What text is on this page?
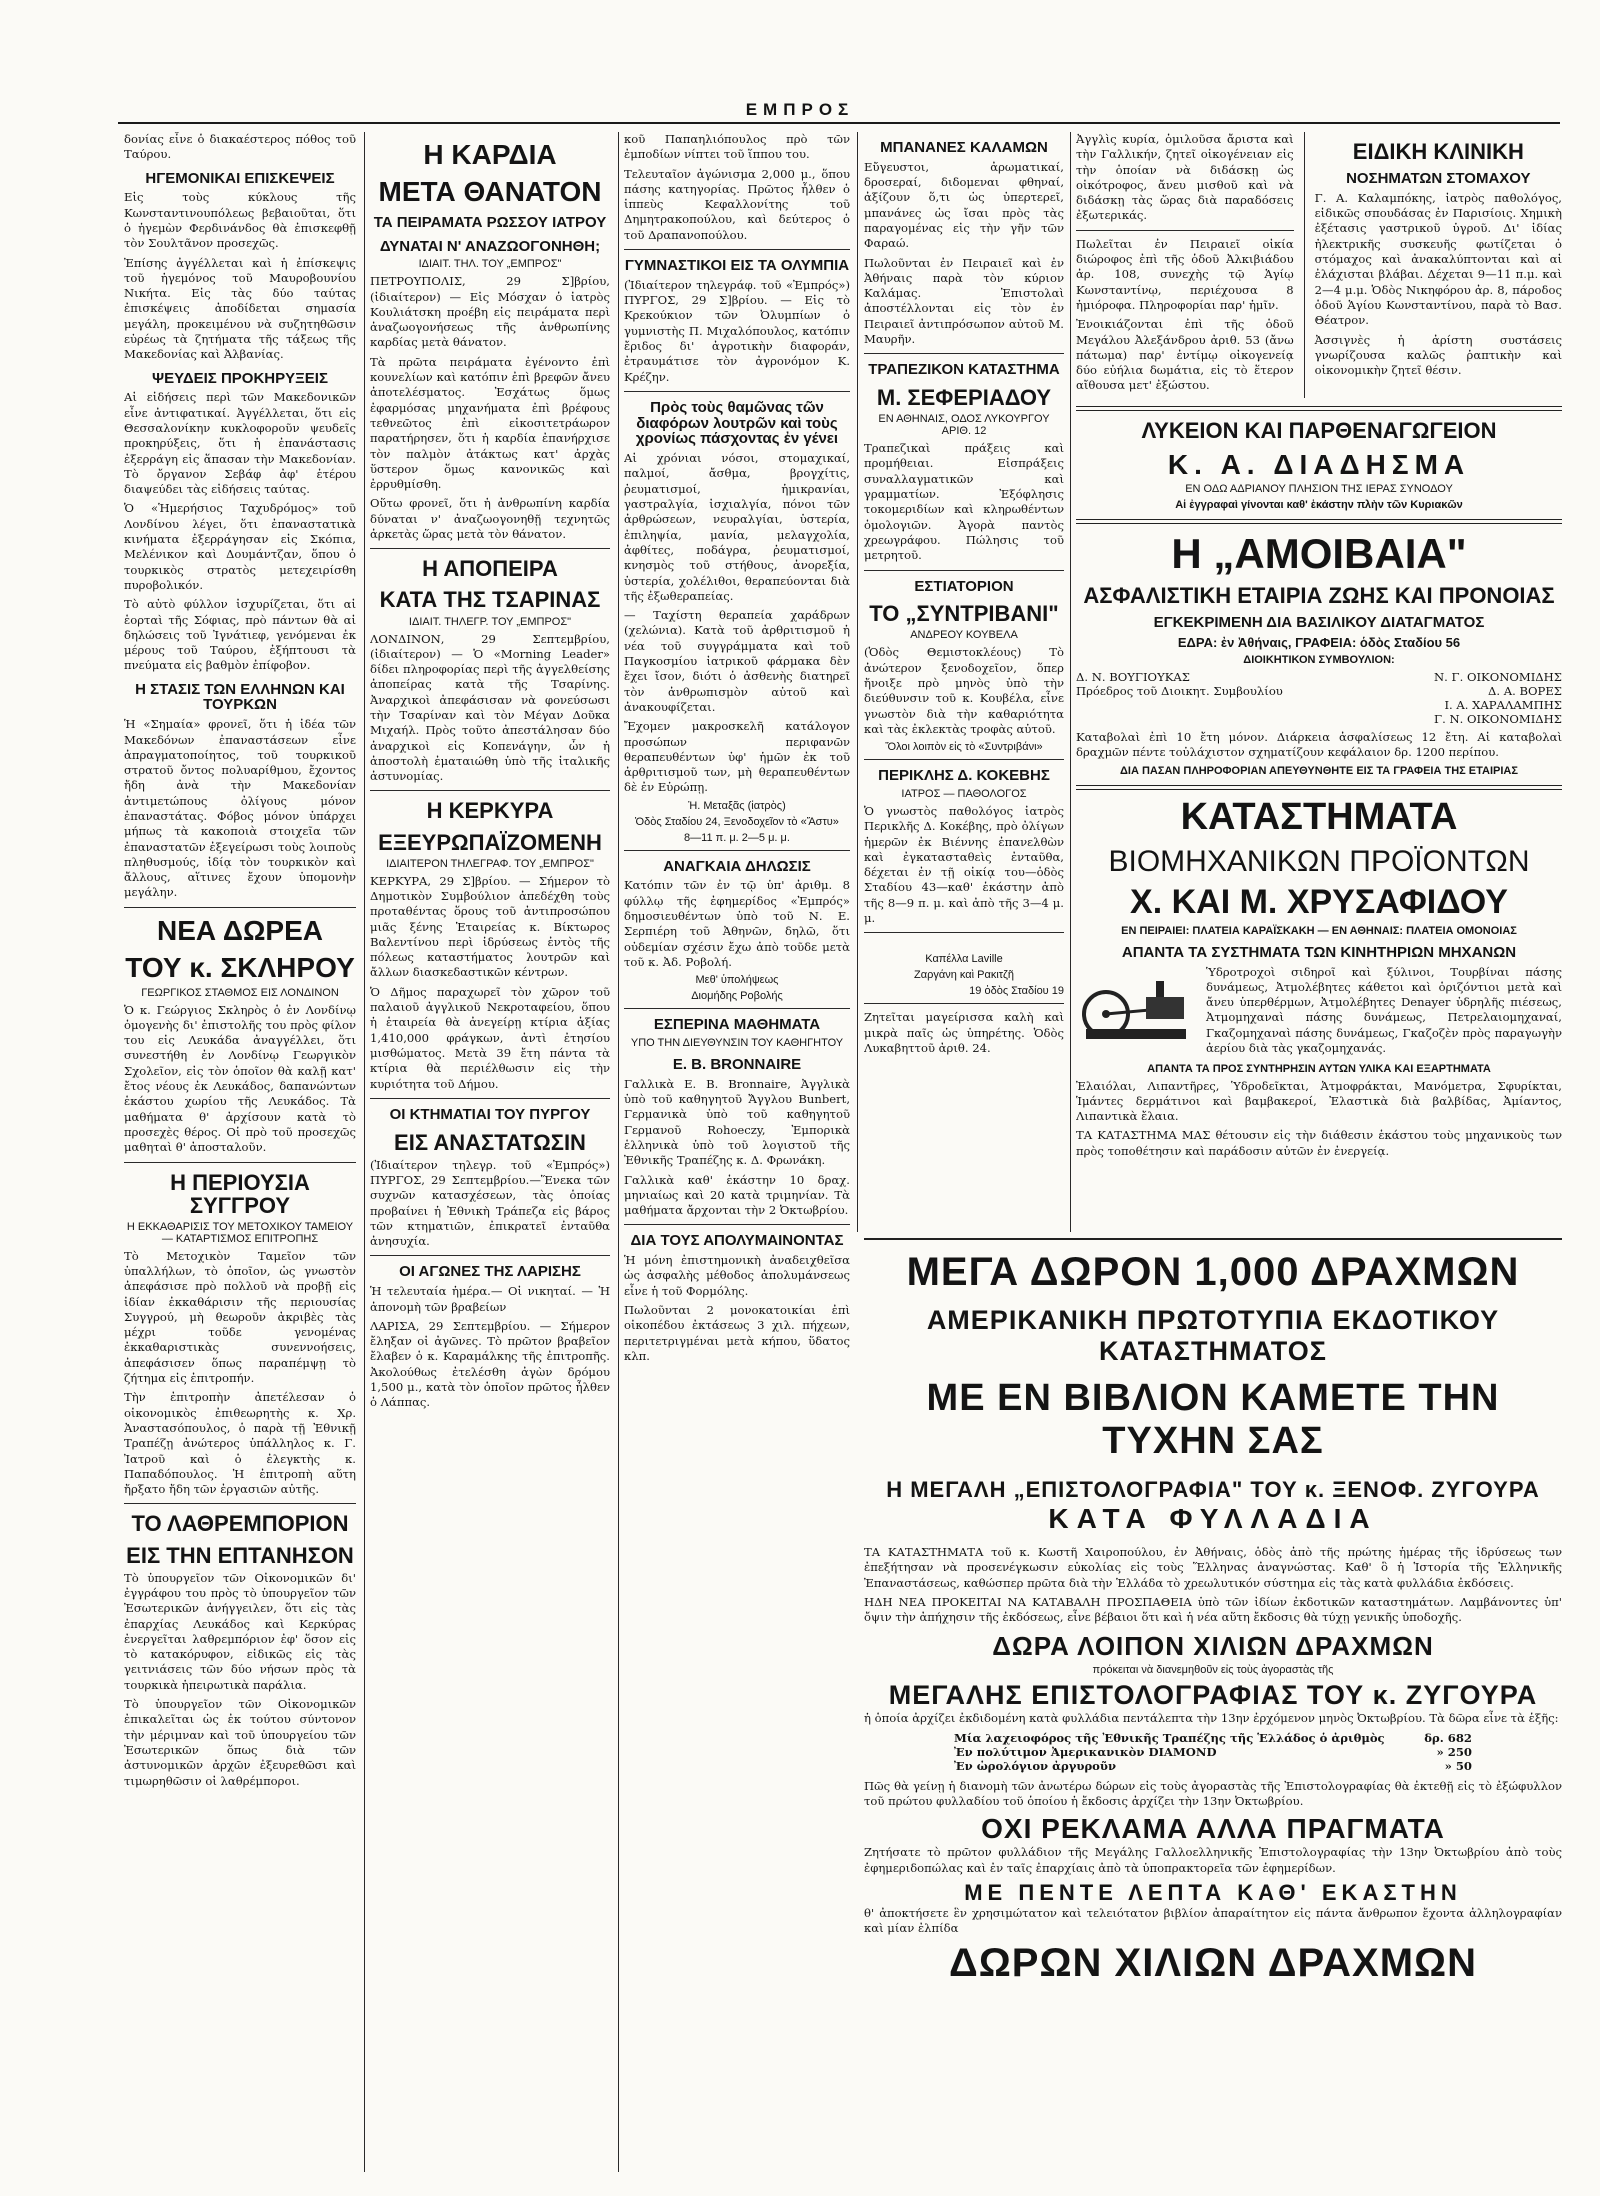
ΕΜΠΡΟΣ

δονίας εἶνε ὁ διακαέστερος πόθος τοῦ Ταύρου.

ΗΓΕΜΟΝΙΚΑΙ ΕΠΙΣΚΕΨΕΙΣ

Εἰς τοὺς κύκλους τῆς Κωνσταντινουπόλεως βεβαιοῦται, ὅτι ὁ ἡγεμὼν Φερδινάνδος θὰ ἐπισκεφθῇ τὸν Σουλτᾶνον προσεχῶς.

Ἐπίσης ἀγγέλλεται καὶ ἡ ἐπίσκεψις τοῦ ἡγεμόνος τοῦ Μαυροβουνίου Νικήτα. Εἰς τὰς δύο ταύτας ἐπισκέψεις ἀποδίδεται σημασία μεγάλη, προκειμένου νὰ συζητηθῶσιν εὐρέως τὰ ζητήματα τῆς τάξεως τῆς Μακεδονίας καὶ Ἀλβανίας.

ΨΕΥΔΕΙΣ ΠΡΟΚΗΡΥΞΕΙΣ

Αἱ εἰδήσεις περὶ τῶν Μακεδονικῶν εἶνε ἀντιφατικαί. Ἀγγέλλεται, ὅτι εἰς Θεσσαλονίκην κυκλοφοροῦν ψευδεῖς προκηρύξεις, ὅτι ἡ ἐπανάστασις ἐξερράγη εἰς ἅπασαν τὴν Μακεδονίαν. Τὸ ὄργανον Σεβάφ ἀφ' ἑτέρου διαψεύδει τὰς εἰδήσεις ταύτας.

Ὁ «Ἡμερήσιος Ταχυδρόμος» τοῦ Λονδίνου λέγει, ὅτι ἐπαναστατικὰ κινήματα ἐξερράγησαν εἰς Σκόπια, Μελένικον καὶ Δουμάντζαν, ὅπου ὁ τουρκικὸς στρατὸς μετεχειρίσθη πυροβολικόν.

Τὸ αὐτὸ φύλλον ἰσχυρίζεται, ὅτι αἱ ἑορταὶ τῆς Σόφιας, πρὸ πάντων θὰ αἱ δηλώσεις τοῦ Ἰγνάτιεφ, γενόμεναι ἐκ μέρους τοῦ Ταύρου, ἐξήπτουσι τὰ πνεύματα εἰς βαθμὸν ἐπίφοβον.

Η ΣΤΑΣΙΣ ΤΩΝ ΕΛΛΗΝΩΝ ΚΑΙ ΤΟΥΡΚΩΝ

Ἡ «Σημαία» φρονεῖ, ὅτι ἡ ἰδέα τῶν Μακεδόνων ἐπαναστάσεων εἶνε ἀπραγματοποίητος, τοῦ τουρκικοῦ στρατοῦ ὄντος πολυαρίθμου, ἔχοντος ἤδη ἀνὰ τὴν Μακεδονίαν ἀντιμετώπους ὀλίγους μόνον ἐπαναστάτας. Φόβος μόνον ὑπάρχει μήπως τὰ κακοποιὰ στοιχεῖα τῶν ἐπαναστατῶν ἐξεγείρωσι τοὺς λοιποὺς πληθυσμούς, ἰδίᾳ τὸν τουρκικὸν καὶ ἄλλους, αἵτινες ἔχουν ὑπομονὴν μεγάλην.

ΝΕΑ ΔΩΡΕΑ
ΤΟΥ κ. ΣΚΛΗΡΟΥ
ΓΕΩΡΓΙΚΟΣ ΣΤΑΘΜΟΣ ΕΙΣ ΛΟΝΔΙΝΟΝ

Ὁ κ. Γεώργιος Σκληρὸς ὁ ἐν Λονδίνῳ ὁμογενὴς δι' ἐπιστολῆς του πρὸς φίλον του εἰς Λευκάδα ἀναγγέλλει, ὅτι συνεστήθη ἐν Λονδίνῳ Γεωργικὸν Σχολεῖον, εἰς τὸν ὁποῖον θὰ καλῇ κατ' ἔτος νέους ἐκ Λευκάδος, δαπανώντων ἑκάστου χωρίου τῆς Λευκάδος. Τὰ μαθήματα θ' ἀρχίσουν κατὰ τὸ προσεχὲς θέρος. Οἱ πρὸ τοῦ προσεχῶς μαθηταὶ θ' ἀποσταλοῦν.

Η ΠΕΡΙΟΥΣΙΑ ΣΥΓΓΡΟΥ
Η ΕΚΚΑΘΑΡΙΣΙΣ ΤΟΥ ΜΕΤΟΧΙΚΟΥ ΤΑΜΕΙΟΥ — ΚΑΤΑΡΤΙΣΜΟΣ ΕΠΙΤΡΟΠΗΣ

Τὸ Μετοχικὸν Ταμεῖον τῶν ὑπαλλήλων, τὸ ὁποῖον, ὡς γνωστὸν ἀπεφάσισε πρὸ πολλοῦ νὰ προβῇ εἰς ἰδίαν ἐκκαθάρισιν τῆς περιουσίας Συγγρού, μὴ θεωροῦν ἀκριβὲς τὰς μέχρι τοῦδε γενομένας ἐκκαθαριστικὰς συνεννοήσεις, ἀπεφάσισεν ὅπως παραπέμψῃ τὸ ζήτημα εἰς ἐπιτροπήν.

Τὴν ἐπιτροπὴν ἀπετέλεσαν ὁ οἰκονομικὸς ἐπιθεωρητὴς κ. Χρ. Ἀναστασόπουλος, ὁ παρὰ τῇ Ἐθνικῇ Τραπέζῃ ἀνώτερος ὑπάλληλος κ. Γ. Ἰατροῦ καὶ ὁ ἐλεγκτὴς κ. Παπαδόπουλος. Ἡ ἐπιτροπὴ αὕτη ἤρξατο ἤδη τῶν ἐργασιῶν αὐτῆς.

ΤΟ ΛΑΘΡΕΜΠΟΡΙΟΝ
ΕΙΣ ΤΗΝ ΕΠΤΑΝΗΣΟΝ

Τὸ ὑπουργεῖον τῶν Οἰκονομικῶν δι' ἐγγράφου του πρὸς τὸ ὑπουργεῖον τῶν Ἐσωτερικῶν ἀνήγγειλεν, ὅτι εἰς τὰς ἐπαρχίας Λευκάδος καὶ Κερκύρας ἐνεργεῖται λαθρεμπόριον ἐφ' ὅσον εἰς τὸ κατακόρυφον, εἰδικῶς εἰς τὰς γειτνιάσεις τῶν δύο νήσων πρὸς τὰ τουρκικὰ ἡπειρωτικὰ παράλια.

Τὸ ὑπουργεῖον τῶν Οἰκονομικῶν ἐπικαλεῖται ὡς ἐκ τούτου σύντονον τὴν μέριμναν καὶ τοῦ ὑπουργείου τῶν Ἐσωτερικῶν ὅπως διὰ τῶν ἀστυνομικῶν ἀρχῶν ἐξευρεθῶσι καὶ τιμωρηθῶσιν οἱ λαθρέμποροι.

Η ΚΑΡΔΙΑ
ΜΕΤΑ ΘΑΝΑΤΟΝ
ΤΑ ΠΕΙΡΑΜΑΤΑ ΡΩΣΣΟΥ ΙΑΤΡΟΥ
ΔΥΝΑΤΑΙ Ν' ΑΝΑΖΩΟΓΟΝΗΘΗ;
ΙΔΙΑΙΤ. ΤΗΛ. ΤΟΥ „ΕΜΠΡΟΣ"

ΠΕΤΡΟΥΠΟΛΙΣ, 29 Σ]βρίου, (ἰδιαίτερον) — Εἰς Μόσχαν ὁ ἰατρὸς Κουλιάτσκη προέβη εἰς πειράματα περὶ ἀναζωογονήσεως τῆς ἀνθρωπίνης καρδίας μετὰ θάνατον.

Τὰ πρῶτα πειράματα ἐγένοντο ἐπὶ κουνελίων καὶ κατόπιν ἐπὶ βρεφῶν ἄνευ ἀποτελέσματος. Ἐσχάτως ὅμως ἐφαρμόσας μηχανήματα ἐπὶ βρέφους τεθνεῶτος ἐπὶ εἰκοσιτετράωρον παρατήρησεν, ὅτι ἡ καρδία ἐπανήρχισε τὸν παλμὸν ἀτάκτως κατ' ἀρχὰς ὕστερον ὅμως κανονικῶς καὶ ἐρρυθμίσθη.

Οὕτω φρονεῖ, ὅτι ἡ ἀνθρωπίνη καρδία δύναται ν' ἀναζωογονηθῇ τεχνητῶς ἀρκετὰς ὥρας μετὰ τὸν θάνατον.

Η ΑΠΟΠΕΙΡΑ
ΚΑΤΑ ΤΗΣ ΤΣΑΡΙΝΑΣ
ΙΔΙΑΙΤ. ΤΗΛΕΓΡ. ΤΟΥ „ΕΜΠΡΟΣ"

ΛΟΝΔΙΝΟΝ, 29 Σεπτεμβρίου, (ἰδιαίτερον) — Ὁ «Morning Leader» δίδει πληροφορίας περὶ τῆς ἀγγελθείσης ἀποπείρας κατὰ τῆς Τσαρίνης. Ἀναρχικοὶ ἀπεφάσισαν νὰ φονεύσωσι τὴν Τσαρίναν καὶ τὸν Μέγαν Δοῦκα Μιχαήλ. Πρὸς τοῦτο ἀπεστάλησαν δύο ἀναρχικοὶ εἰς Κοπενάγην, ὧν ἡ ἀποστολὴ ἐματαιώθη ὑπὸ τῆς ἰταλικῆς ἀστυνομίας.

Η ΚΕΡΚΥΡΑ
ΕΞΕΥΡΩΠΑΪΖΟΜΕΝΗ
ΙΔΙΑΙΤΕΡΟΝ ΤΗΛΕΓΡΑΦ. ΤΟΥ „ΕΜΠΡΟΣ"

ΚΕΡΚΥΡΑ, 29 Σ]βρίου. — Σήμερον τὸ Δημοτικὸν Συμβούλιον ἀπεδέχθη τοὺς προταθέντας ὅρους τοῦ ἀντιπροσώπου μιᾶς ξένης Ἑταιρείας κ. Βίκτωρος Βαλεντίνου περὶ ἱδρύσεως ἐντὸς τῆς πόλεως καταστήματος λουτρῶν καὶ ἄλλων διασκεδαστικῶν κέντρων.

Ὁ Δῆμος παραχωρεῖ τὸν χῶρον τοῦ παλαιοῦ ἀγγλικοῦ Νεκροταφείου, ὅπου ἡ ἑταιρεία θὰ ἀνεγείρῃ κτίρια ἀξίας 1,410,000 φράγκων, ἀντὶ ἐτησίου μισθώματος. Μετὰ 39 ἔτη πάντα τὰ κτίρια θὰ περιέλθωσιν εἰς τὴν κυριότητα τοῦ Δήμου.

ΟΙ ΚΤΗΜΑΤΙΑΙ ΤΟΥ ΠΥΡΓΟΥ
ΕΙΣ ΑΝΑΣΤΑΤΩΣΙΝ

(Ἰδιαίτερον τηλεγρ. τοῦ «Ἐμπρός») ΠΥΡΓΟΣ, 29 Σεπτεμβρίου.—Ἕνεκα τῶν συχνῶν κατασχέσεων, τὰς ὁποίας προβαίνει ἡ Ἐθνικὴ Τράπεζα εἰς βάρος τῶν κτηματιῶν, ἐπικρατεῖ ἐνταῦθα ἀνησυχία.

ΟΙ ΑΓΩΝΕΣ ΤΗΣ ΛΑΡΙΣΗΣ

Ἡ τελευταία ἡμέρα.— Οἱ νικηταί. — Ἡ ἀπονομὴ τῶν βραβείων

ΛΑΡΙΣΑ, 29 Σεπτεμβρίου. — Σήμερον ἔληξαν οἱ ἀγῶνες. Τὸ πρῶτον βραβεῖον ἔλαβεν ὁ κ. Καραμάλκης τῆς ἐπιτροπῆς. Ἀκολούθως ἐτελέσθη ἀγὼν δρόμου 1,500 μ., κατὰ τὸν ὁποῖον πρῶτος ἦλθεν ὁ Λάππας.

κοῦ Παπαηλιόπουλος πρὸ τῶν ἐμποδίων νίπτει τοῦ ἵππου του.

Τελευταῖον ἀγώνισμα 2,000 μ., ὅπου πάσης κατηγορίας. Πρῶτος ἦλθεν ὁ ἱππεὺς Κεφαλλονίτης τοῦ Δημητρακοπούλου, καὶ δεύτερος ὁ τοῦ Δραπανοπούλου.

ΓΥΜΝΑΣΤΙΚΟΙ ΕΙΣ ΤΑ ΟΛΥΜΠΙΑ

(Ἰδιαίτερον τηλεγράφ. τοῦ «Ἐμπρός») ΠΥΡΓΟΣ, 29 Σ]βρίου. — Εἰς τὸ Κρεκούκιον τῶν Ὀλυμπίων ὁ γυμνιστὴς Π. Μιχαλόπουλος, κατόπιν ἔριδος δι' ἀγροτικὴν διαφοράν, ἐτραυμάτισε τὸν ἀγρονόμον Κ. Κρέζην.

Πρὸς τοὺς θαμῶνας τῶν διαφόρων λουτρῶν καὶ τοὺς χρονίως πάσχοντας ἐν γένει

Αἱ χρόνιαι νόσοι, στομαχικαί, παλμοί, ἄσθμα, βρογχίτις, ῥευματισμοί, ἡμικρανίαι, γαστραλγία, ἰσχιαλγία, πόνοι τῶν ἀρθρώσεων, νευραλγίαι, ὑστερία, ἐπιληψία, μανία, μελαγχολία, ἀφθίτες, ποδάγρα, ῥευματισμοί, κνησμὸς τοῦ στήθους, ἀνορεξία, ὑστερία, χολέλιθοι, θεραπεύονται διὰ τῆς ἐξωθεραπείας.

— Ταχίστη θεραπεία χαράδρων (χελώνια). Κατὰ τοῦ ἀρθριτισμοῦ ἡ νέα τοῦ συγγράμματα καὶ τοῦ Παγκοσμίου ἰατρικοῦ φάρμακα δὲν ἔχει ἴσον, διότι ὁ ἀσθενὴς διατηρεῖ τὸν ἀνθρωπισμὸν αὐτοῦ καὶ ἀνακουφίζεται.

Ἔχομεν μακροσκελῆ κατάλογον προσώπων περιφανῶν θεραπευθέντων ὑφ' ἡμῶν ἐκ τοῦ ἀρθριτισμοῦ των, μὴ θεραπευθέντων δὲ ἐν Εὐρώπῃ.

Ἡ. Μεταξᾶς (ἰατρὸς)
Ὁδὸς Σταδίου 24, Ξενοδοχεῖον τὸ «Ἄστυ»
8—11 π. μ. 2—5 μ. μ.
ΑΝΑΓΚΑΙΑ ΔΗΛΩΣΙΣ

Κατόπιν τῶν ἐν τῷ ὑπ' ἀριθμ. 8 φύλλῳ τῆς ἐφημερίδος «Ἐμπρός» δημοσιευθέντων ὑπὸ τοῦ Ν. Ε. Σερπιέρη τοῦ Ἀθηνῶν, δηλῶ, ὅτι οὐδεμίαν σχέσιν ἔχω ἀπὸ τοῦδε μετὰ τοῦ κ. Ἀδ. Ροβολή.

Μεθ' ὑπολήψεως
Διομήδης Ροβολής
ΕΣΠΕΡΙΝΑ ΜΑΘΗΜΑΤΑ
ΥΠΟ ΤΗΝ ΔΙΕΥΘΥΝΣΙΝ ΤΟΥ ΚΑΘΗΓΗΤΟΥ
Ε. Β. BRONNAIRE

Γαλλικὰ Ε. Β. Bronnaire, Ἀγγλικὰ ὑπὸ τοῦ καθηγητοῦ Ἄγγλου Bunbert, Γερμανικὰ ὑπὸ τοῦ καθηγητοῦ Γερμανοῦ Rohoeczy, Ἐμπορικὰ ἑλληνικὰ ὑπὸ τοῦ λογιστοῦ τῆς Ἐθνικῆς Τραπέζης κ. Δ. Φρωνάκη.

Γαλλικὰ καθ' ἑκάστην 10 δραχ. μηνιαίως καὶ 20 κατὰ τριμηνίαν. Τὰ μαθήματα ἄρχονται τὴν 2 Ὀκτωβρίου.

ΔΙΑ ΤΟΥΣ ΑΠΟΛΥΜΑΙΝΟΝΤΑΣ

Ἡ μόνη ἐπιστημονικὴ ἀναδειχθεῖσα ὡς ἀσφαλὴς μέθοδος ἀπολυμάνσεως εἶνε ἡ τοῦ Φορμόλης.

Πωλοῦνται 2 μονοκατοικίαι ἐπὶ οἰκοπέδου ἐκτάσεως 3 χιλ. πήχεων, περιτετριγμέναι μετὰ κήπου, ὕδατος κλπ.

ΜΠΑΝΑΝΕΣ ΚΑΛΑΜΩΝ

Εὔγευστοι, ἀρωματικαί, δροσεραί, διδομεναι φθηναί, ἀξίζουν ὅ,τι ὡς ὑπερτερεῖ, μπανάνες ὡς ἴσαι πρὸς τὰς παραγομένας εἰς τὴν γῆν τῶν Φαραώ.

Πωλοῦνται ἐν Πειραιεῖ καὶ ἐν Ἀθήναις παρὰ τὸν κύριον Καλάμας. Ἐπιστολαὶ ἀποστέλλονται εἰς τὸν ἐν Πειραιεῖ ἀντιπρόσωπον αὐτοῦ Μ. Μαυρῆν.

ΤΡΑΠΕΖΙΚΟΝ ΚΑΤΑΣΤΗΜΑ
Μ. ΣΕΦΕΡΙΑΔΟΥ
ΕΝ ΑΘΗΝΑΙΣ, ΟΔΟΣ ΛΥΚΟΥΡΓΟΥ ΑΡΙΘ. 12

Τραπεζικαὶ πράξεις καὶ προμήθειαι. Εἰσπράξεις συναλλαγματικῶν καὶ γραμματίων. Ἐξόφλησις τοκομεριδίων καὶ κληρωθέντων ὁμολογιῶν. Ἀγορὰ παντὸς χρεωγράφου. Πώλησις τοῦ μετρητοῦ.

ΕΣΤΙΑΤΟΡΙΟΝ
ΤΟ „ΣΥΝΤΡΙΒΑΝΙ"
ΑΝΔΡΕΟΥ ΚΟΥΒΕΛΑ

(Ὁδὸς Θεμιστοκλέους) Τὸ ἀνώτερον ξενοδοχεῖον, ὅπερ ἤνοιξε πρὸ μηνὸς ὑπὸ τὴν διεύθυνσιν τοῦ κ. Κουβέλα, εἶνε γνωστὸν διὰ τὴν καθαριότητα καὶ τὰς ἐκλεκτὰς τροφὰς αὐτοῦ.

Ὅλοι λοιπὸν εἰς τὸ «Συντριβάνι»
ΠΕΡΙΚΛΗΣ Δ. ΚΟΚΕΒΗΣ
ΙΑΤΡΟΣ — ΠΑΘΟΛΟΓΟΣ

Ὁ γνωστὸς παθολόγος ἰατρὸς Περικλῆς Δ. Κοκέβης, πρὸ ὀλίγων ἡμερῶν ἐκ Βιέννης ἐπανελθὼν καὶ ἐγκατασταθεὶς ἐνταῦθα, δέχεται ἐν τῇ οἰκίᾳ του—ὁδὸς Σταδίου 43—καθ' ἑκάστην ἀπὸ τῆς 8—9 π. μ. καὶ ἀπὸ τῆς 3—4 μ. μ.

Καπέλλα Laville
Ζαργάνη καὶ Ρακιτζῆ
19 ὁδὸς Σταδίου 19

Ζητεῖται μαγείρισσα καλὴ καὶ μικρὰ παῖς ὡς ὑπηρέτης. Ὁδὸς Λυκαβηττοῦ ἀριθ. 24.

Ἀγγλὶς κυρία, ὁμιλοῦσα ἄριστα καὶ τὴν Γαλλικήν, ζητεῖ οἰκογένειαν εἰς τὴν ὁποίαν νὰ διδάσκῃ ὡς οἰκότροφος, ἄνευ μισθοῦ καὶ νὰ διδάσκῃ τὰς ὥρας διὰ παραδόσεις ἐξωτερικάς.

Πωλεῖται ἐν Πειραιεῖ οἰκία διώροφος ἐπὶ τῆς ὁδοῦ Ἀλκιβιάδου ἀρ. 108, συνεχὴς τῷ Ἁγίῳ Κωνσταντίνῳ, περιέχουσα 8 ἡμιόροφα. Πληροφορίαι παρ' ἡμῖν.

Ἐνοικιάζονται ἐπὶ τῆς ὁδοῦ Μεγάλου Ἀλεξάνδρου ἀριθ. 53 (ἄνω πάτωμα) παρ' ἐντίμῳ οἰκογενείᾳ δύο εὐήλια δωμάτια, εἰς τὸ ἕτερον αἴθουσα μετ' ἐξώστου.

ΕΙΔΙΚΗ ΚΛΙΝΙΚΗ
ΝΟΣΗΜΑΤΩΝ ΣΤΟΜΑΧΟΥ

Γ. Α. Καλαμπόκης, ἰατρὸς παθολόγος, εἰδικῶς σπουδάσας ἐν Παρισίοις. Χημικὴ ἐξέτασις γαστρικοῦ ὑγροῦ. Δι' ἰδίας ἠλεκτρικῆς συσκευῆς φωτίζεται ὁ στόμαχος καὶ ἀνακαλύπτονται καὶ αἱ ἐλάχισται βλάβαι. Δέχεται 9—11 π.μ. καὶ 2—4 μ.μ. Ὁδὸς Νικηφόρου ἀρ. 8, πάροδος ὁδοῦ Ἁγίου Κωνσταντίνου, παρὰ τὸ Βασ. Θέατρον.

Ἀσσιγνὲς ἡ ἀρίστη συστάσεις γνωρίζουσα καλῶς ῥαπτικὴν καὶ οἰκονομικὴν ζητεῖ θέσιν.

ΛΥΚΕΙΟΝ ΚΑΙ ΠΑΡΘΕΝΑΓΩΓΕΙΟΝ
Κ. Α. ΔΙΑΔΗΣΜΑ
ΕΝ ΟΔΩ ΑΔΡΙΑΝΟΥ ΠΛΗΣΙΟΝ ΤΗΣ ΙΕΡΑΣ ΣΥΝΟΔΟΥ
Αἱ ἐγγραφαὶ γίνονται καθ' ἑκάστην πλὴν τῶν Κυριακῶν
Η „ΑΜΟΙΒΑΙΑ"
ΑΣΦΑΛΙΣΤΙΚΗ ΕΤΑΙΡΙΑ ΖΩΗΣ ΚΑΙ ΠΡΟΝΟΙΑΣ
ΕΓΚΕΚΡΙΜΕΝΗ ΔΙΑ ΒΑΣΙΛΙΚΟΥ ΔΙΑΤΑΓΜΑΤΟΣ
ΕΔΡΑ: ἐν Ἀθήναις, ΓΡΑΦΕΙΑ: ὁδὸς Σταδίου 56
ΔΙΟΙΚΗΤΙΚΟΝ ΣΥΜΒΟΥΛΙΟΝ:
Δ. Ν. ΒΟΥΓΙΟΥΚΑΣ	Ν. Γ. ΟΙΚΟΝΟΜΙΔΗΣ
Πρόεδρος τοῦ Διοικητ. Συμβουλίου	Δ. Α. ΒΟΡΕΣ
Ι. Α. ΧΑΡΑΛΑΜΠΗΣ
Γ. Ν. ΟΙΚΟΝΟΜΙΔΗΣ

Καταβολαὶ ἐπὶ 10 ἔτη μόνον. Διάρκεια ἀσφαλίσεως 12 ἔτη. Αἱ καταβολαὶ δραχμῶν πέντε τοὐλάχιστον σχηματίζουν κεφάλαιον δρ. 1200 περίπου.

ΔΙΑ ΠΑΣΑΝ ΠΛΗΡΟΦΟΡΙΑΝ ΑΠΕΥΘΥΝΘΗΤΕ ΕΙΣ ΤΑ ΓΡΑΦΕΙΑ ΤΗΣ ΕΤΑΙΡΙΑΣ
ΚΑΤΑΣΤΗΜΑΤΑ
ΒΙΟΜΗΧΑΝΙΚΩΝ ΠΡΟΪΟΝΤΩΝ
Χ. ΚΑΙ Μ. ΧΡΥΣΑΦΙΔΟΥ
ΕΝ ΠΕΙΡΑΙΕΙ: ΠΛΑΤΕΙΑ ΚΑΡΑΪΣΚΑΚΗ — ΕΝ ΑΘΗΝΑΙΣ: ΠΛΑΤΕΙΑ ΟΜΟΝΟΙΑΣ
ΑΠΑΝΤΑ ΤΑ ΣΥΣΤΗΜΑΤΑ ΤΩΝ ΚΙΝΗΤΗΡΙΩΝ ΜΗΧΑΝΩΝ

Ὑδροτροχοὶ σιδηροῖ καὶ ξύλινοι, Τουρβίναι πάσης δυνάμεως, Ἀτμολέβητες κάθετοι καὶ ὁριζόντιοι μετὰ καὶ ἄνευ ὑπερθέρμων, Ἀτμολέβητες Denayer ὑδρηλῆς πιέσεως, Ἀτμομηχαναὶ πάσης δυνάμεως, Πετρελαιομηχαναί, Γκαζομηχαναὶ πάσης δυνάμεως, Γκαζοζὲν πρὸς παραγωγὴν ἀερίου διὰ τὰς γκαζομηχανάς.

ΑΠΑΝΤΑ ΤΑ ΠΡΟΣ ΣΥΝΤΗΡΗΣΙΝ ΑΥΤΩΝ ΥΛΙΚΑ ΚΑΙ ΕΞΑΡΤΗΜΑΤΑ

Ἐλαιόλαι, Λιπαντῆρες, Ὑδροδεῖκται, Ἀτμοφράκται, Μανόμετρα, Σφυρίκται, Ἱμάντες δερμάτινοι καὶ βαμβακεροί, Ἐλαστικὰ διὰ βαλβίδας, Ἀμίαντος, Λιπαντικὰ ἔλαια.

ΤΑ ΚΑΤΑΣΤΗΜΑ ΜΑΣ θέτουσιν εἰς τὴν διάθεσιν ἑκάστου τοὺς μηχανικοὺς των πρὸς τοποθέτησιν καὶ παράδοσιν αὐτῶν ἐν ἐνεργείᾳ.

ΜΕΓΑ ΔΩΡΟΝ 1,000 ΔΡΑΧΜΩΝ
ΑΜΕΡΙΚΑΝΙΚΗ ΠΡΩΤΟΤΥΠΙΑ ΕΚΔΟΤΙΚΟΥ ΚΑΤΑΣΤΗΜΑΤΟΣ
ΜΕ ΕΝ ΒΙΒΛΙΟΝ ΚΑΜΕΤΕ ΤΗΝ ΤΥΧΗΝ ΣΑΣ
Η ΜΕΓΑΛΗ „ΕΠΙΣΤΟΛΟΓΡΑΦΙΑ" ΤΟΥ κ. ΞΕΝΟΦ. ΖΥΓΟΥΡΑ
ΚΑΤΑ ΦΥΛΛΑΔΙΑ

ΤΑ ΚΑΤΑΣΤΗΜΑΤΑ τοῦ κ. Κωστῆ Χαιροπούλου, ἐν Ἀθήναις, ὁδὸς ἀπὸ τῆς πρώτης ἡμέρας τῆς ἱδρύσεως των ἐπεξήτησαν νὰ προσενέγκωσιν εὐκολίας εἰς τοὺς Ἕλληνας ἀναγνώστας. Καθ' ὃ ἡ Ἱστορία τῆς Ἑλληνικῆς Ἐπαναστάσεως, καθώσπερ πρῶτα διὰ τὴν Ἑλλάδα τὸ χρεωλυτικόν σύστημα εἰς τὰς κατὰ φυλλάδια ἐκδόσεις.

ΗΔΗ ΝΕΑ ΠΡΟΚΕΙΤΑΙ ΝΑ ΚΑΤΑΒΑΛΗ ΠΡΟΣΠΑΘΕΙΑ ὑπὸ τῶν ἰδίων ἐκδοτικῶν καταστημάτων. Λαμβάνοντες ὑπ' ὄψιν τὴν ἀπήχησιν τῆς ἐκδόσεως, εἶνε βέβαιοι ὅτι καὶ ἡ νέα αὕτη ἔκδοσις θὰ τύχῃ γενικῆς ὑποδοχῆς.

ΔΩΡΑ ΛΟΙΠΟΝ ΧΙΛΙΩΝ ΔΡΑΧΜΩΝ
πρόκειται νὰ διανεμηθοῦν εἰς τοὺς ἀγοραστὰς τῆς
ΜΕΓΑΛΗΣ ΕΠΙΣΤΟΛΟΓΡΑΦΙΑΣ ΤΟΥ κ. ΖΥΓΟΥΡΑ

ἡ ὁποία ἀρχίζει ἐκδιδομένη κατὰ φυλλάδια πεντάλεπτα τὴν 13ην ἐρχόμενον μηνὸς Ὀκτωβρίου. Τὰ δῶρα εἶνε τὰ ἑξῆς:

Μία λαχειοφόρος τῆς Ἐθνικῆς Τραπέζης τῆς Ἑλλάδος ὁ ἀριθμὸς	δρ. 682
Ἐν πολύτιμον Ἀμερικανικὸν DIAMOND	» 250
Ἐν ὡρολόγιον ἀργυροῦν	» 50

Πῶς θὰ γείνῃ ἡ διανομὴ τῶν ἀνωτέρω δώρων εἰς τοὺς ἀγοραστὰς τῆς Ἐπιστολογραφίας θὰ ἐκτεθῇ εἰς τὸ ἐξώφυλλον τοῦ πρώτου φυλλαδίου τοῦ ὁποίου ἡ ἔκδοσις ἀρχίζει τὴν 13ην Ὀκτωβρίου.

ΟΧΙ ΡΕΚΛΑΜΑ ΑΛΛΑ ΠΡΑΓΜΑΤΑ

Ζητήσατε τὸ πρῶτον φυλλάδιον τῆς Μεγάλης Γαλλοελληνικῆς Ἐπιστολογραφίας τὴν 13ην Ὀκτωβρίου ἀπὸ τοὺς ἐφημεριδοπώλας καὶ ἐν ταῖς ἐπαρχίαις ἀπὸ τὰ ὑποπρακτορεῖα τῶν ἐφημερίδων.

ΜΕ ΠΕΝΤΕ ΛΕΠΤΑ ΚΑΘ' ΕΚΑΣΤΗΝ

θ' ἀποκτήσετε ἓν χρησιμώτατον καὶ τελειότατον βιβλίον ἀπαραίτητον εἰς πάντα ἄνθρωπον ἔχοντα ἀλληλογραφίαν καὶ μίαν ἐλπίδα

ΔΩΡΩΝ ΧΙΛΙΩΝ ΔΡΑΧΜΩΝ
